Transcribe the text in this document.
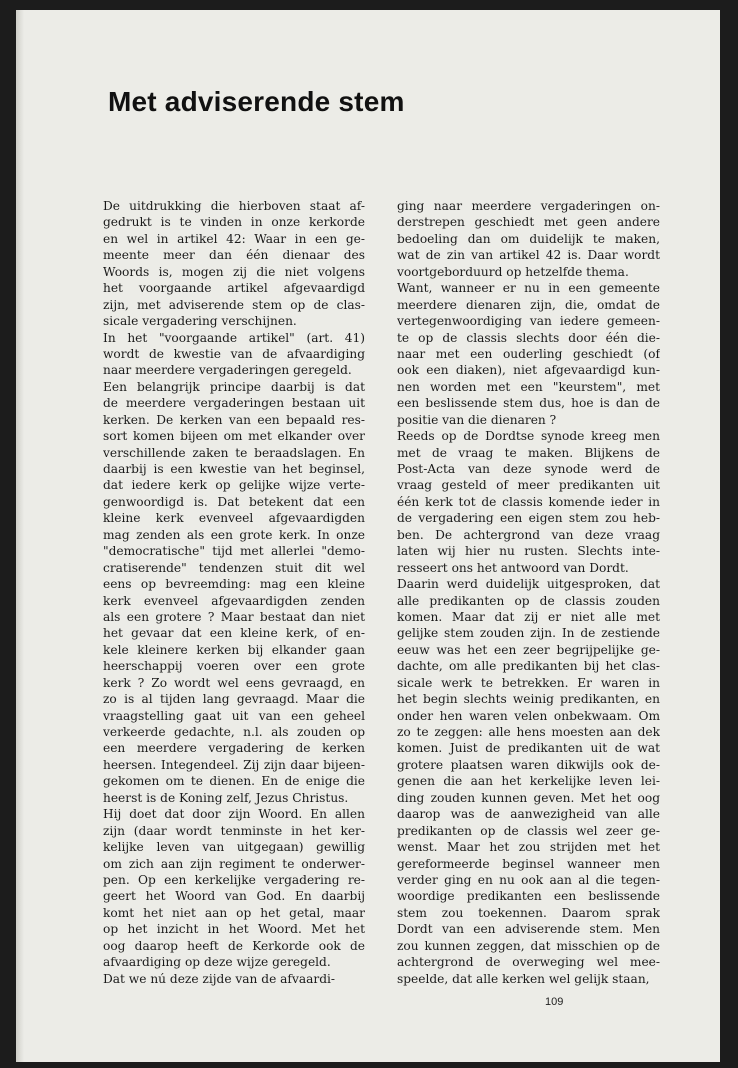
Met adviserende stem
De uitdrukking die hierboven staat af-
gedrukt is te vinden in onze kerkorde
en wel in artikel 42: Waar in een ge-
meente meer dan één dienaar des
Woords is, mogen zij die niet volgens
het voorgaande artikel afgevaardigd
zijn, met adviserende stem op de clas-
sicale vergadering verschijnen.
In het "voorgaande artikel" (art. 41)
wordt de kwestie van de afvaardiging
naar meerdere vergaderingen geregeld.
Een belangrijk principe daarbij is dat
de meerdere vergaderingen bestaan uit
kerken. De kerken van een bepaald res-
sort komen bijeen om met elkander over
verschillende zaken te beraadslagen. En
daarbij is een kwestie van het beginsel,
dat iedere kerk op gelijke wijze verte-
genwoordigd is. Dat betekent dat een
kleine kerk evenveel afgevaardigden
mag zenden als een grote kerk. In onze
"democratische" tijd met allerlei "demo-
cratiserende" tendenzen stuit dit wel
eens op bevreemding: mag een kleine
kerk evenveel afgevaardigden zenden
als een grotere ? Maar bestaat dan niet
het gevaar dat een kleine kerk, of en-
kele kleinere kerken bij elkander gaan
heerschappij voeren over een grote
kerk ? Zo wordt wel eens gevraagd, en
zo is al tijden lang gevraagd. Maar die
vraagstelling gaat uit van een geheel
verkeerde gedachte, n.l. als zouden op
een meerdere vergadering de kerken
heersen. Integendeel. Zij zijn daar bijeen-
gekomen om te dienen. En de enige die
heerst is de Koning zelf, Jezus Christus.
Hij doet dat door zijn Woord. En allen
zijn (daar wordt tenminste in het ker-
kelijke leven van uitgegaan) gewillig
om zich aan zijn regiment te onderwer-
pen. Op een kerkelijke vergadering re-
geert het Woord van God. En daarbij
komt het niet aan op het getal, maar
op het inzicht in het Woord. Met het
oog daarop heeft de Kerkorde ook de
afvaardiging op deze wijze geregeld.
Dat we nú deze zijde van de afvaardi-
ging naar meerdere vergaderingen on-
derstrepen geschiedt met geen andere
bedoeling dan om duidelijk te maken,
wat de zin van artikel 42 is. Daar wordt
voortgeborduurd op hetzelfde thema.
Want, wanneer er nu in een gemeente
meerdere dienaren zijn, die, omdat de
vertegenwoordiging van iedere gemeen-
te op de classis slechts door één die-
naar met een ouderling geschiedt (of
ook een diaken), niet afgevaardigd kun-
nen worden met een "keurstem", met
een beslissende stem dus, hoe is dan de
positie van die dienaren ?
Reeds op de Dordtse synode kreeg men
met de vraag te maken. Blijkens de
Post-Acta van deze synode werd de
vraag gesteld of meer predikanten uit
één kerk tot de classis komende ieder in
de vergadering een eigen stem zou heb-
ben. De achtergrond van deze vraag
laten wij hier nu rusten. Slechts inte-
resseert ons het antwoord van Dordt.
Daarin werd duidelijk uitgesproken, dat
alle predikanten op de classis zouden
komen. Maar dat zij er niet alle met
gelijke stem zouden zijn. In de zestiende
eeuw was het een zeer begrijpelijke ge-
dachte, om alle predikanten bij het clas-
sicale werk te betrekken. Er waren in
het begin slechts weinig predikanten, en
onder hen waren velen onbekwaam. Om
zo te zeggen: alle hens moesten aan dek
komen. Juist de predikanten uit de wat
grotere plaatsen waren dikwijls ook de-
genen die aan het kerkelijke leven lei-
ding zouden kunnen geven. Met het oog
daarop was de aanwezigheid van alle
predikanten op de classis wel zeer ge-
wenst. Maar het zou strijden met het
gereformeerde beginsel wanneer men
verder ging en nu ook aan al die tegen-
woordige predikanten een beslissende
stem zou toekennen. Daarom sprak
Dordt van een adviserende stem. Men
zou kunnen zeggen, dat misschien op de
achtergrond de overweging wel mee-
speelde, dat alle kerken wel gelijk staan,
109
